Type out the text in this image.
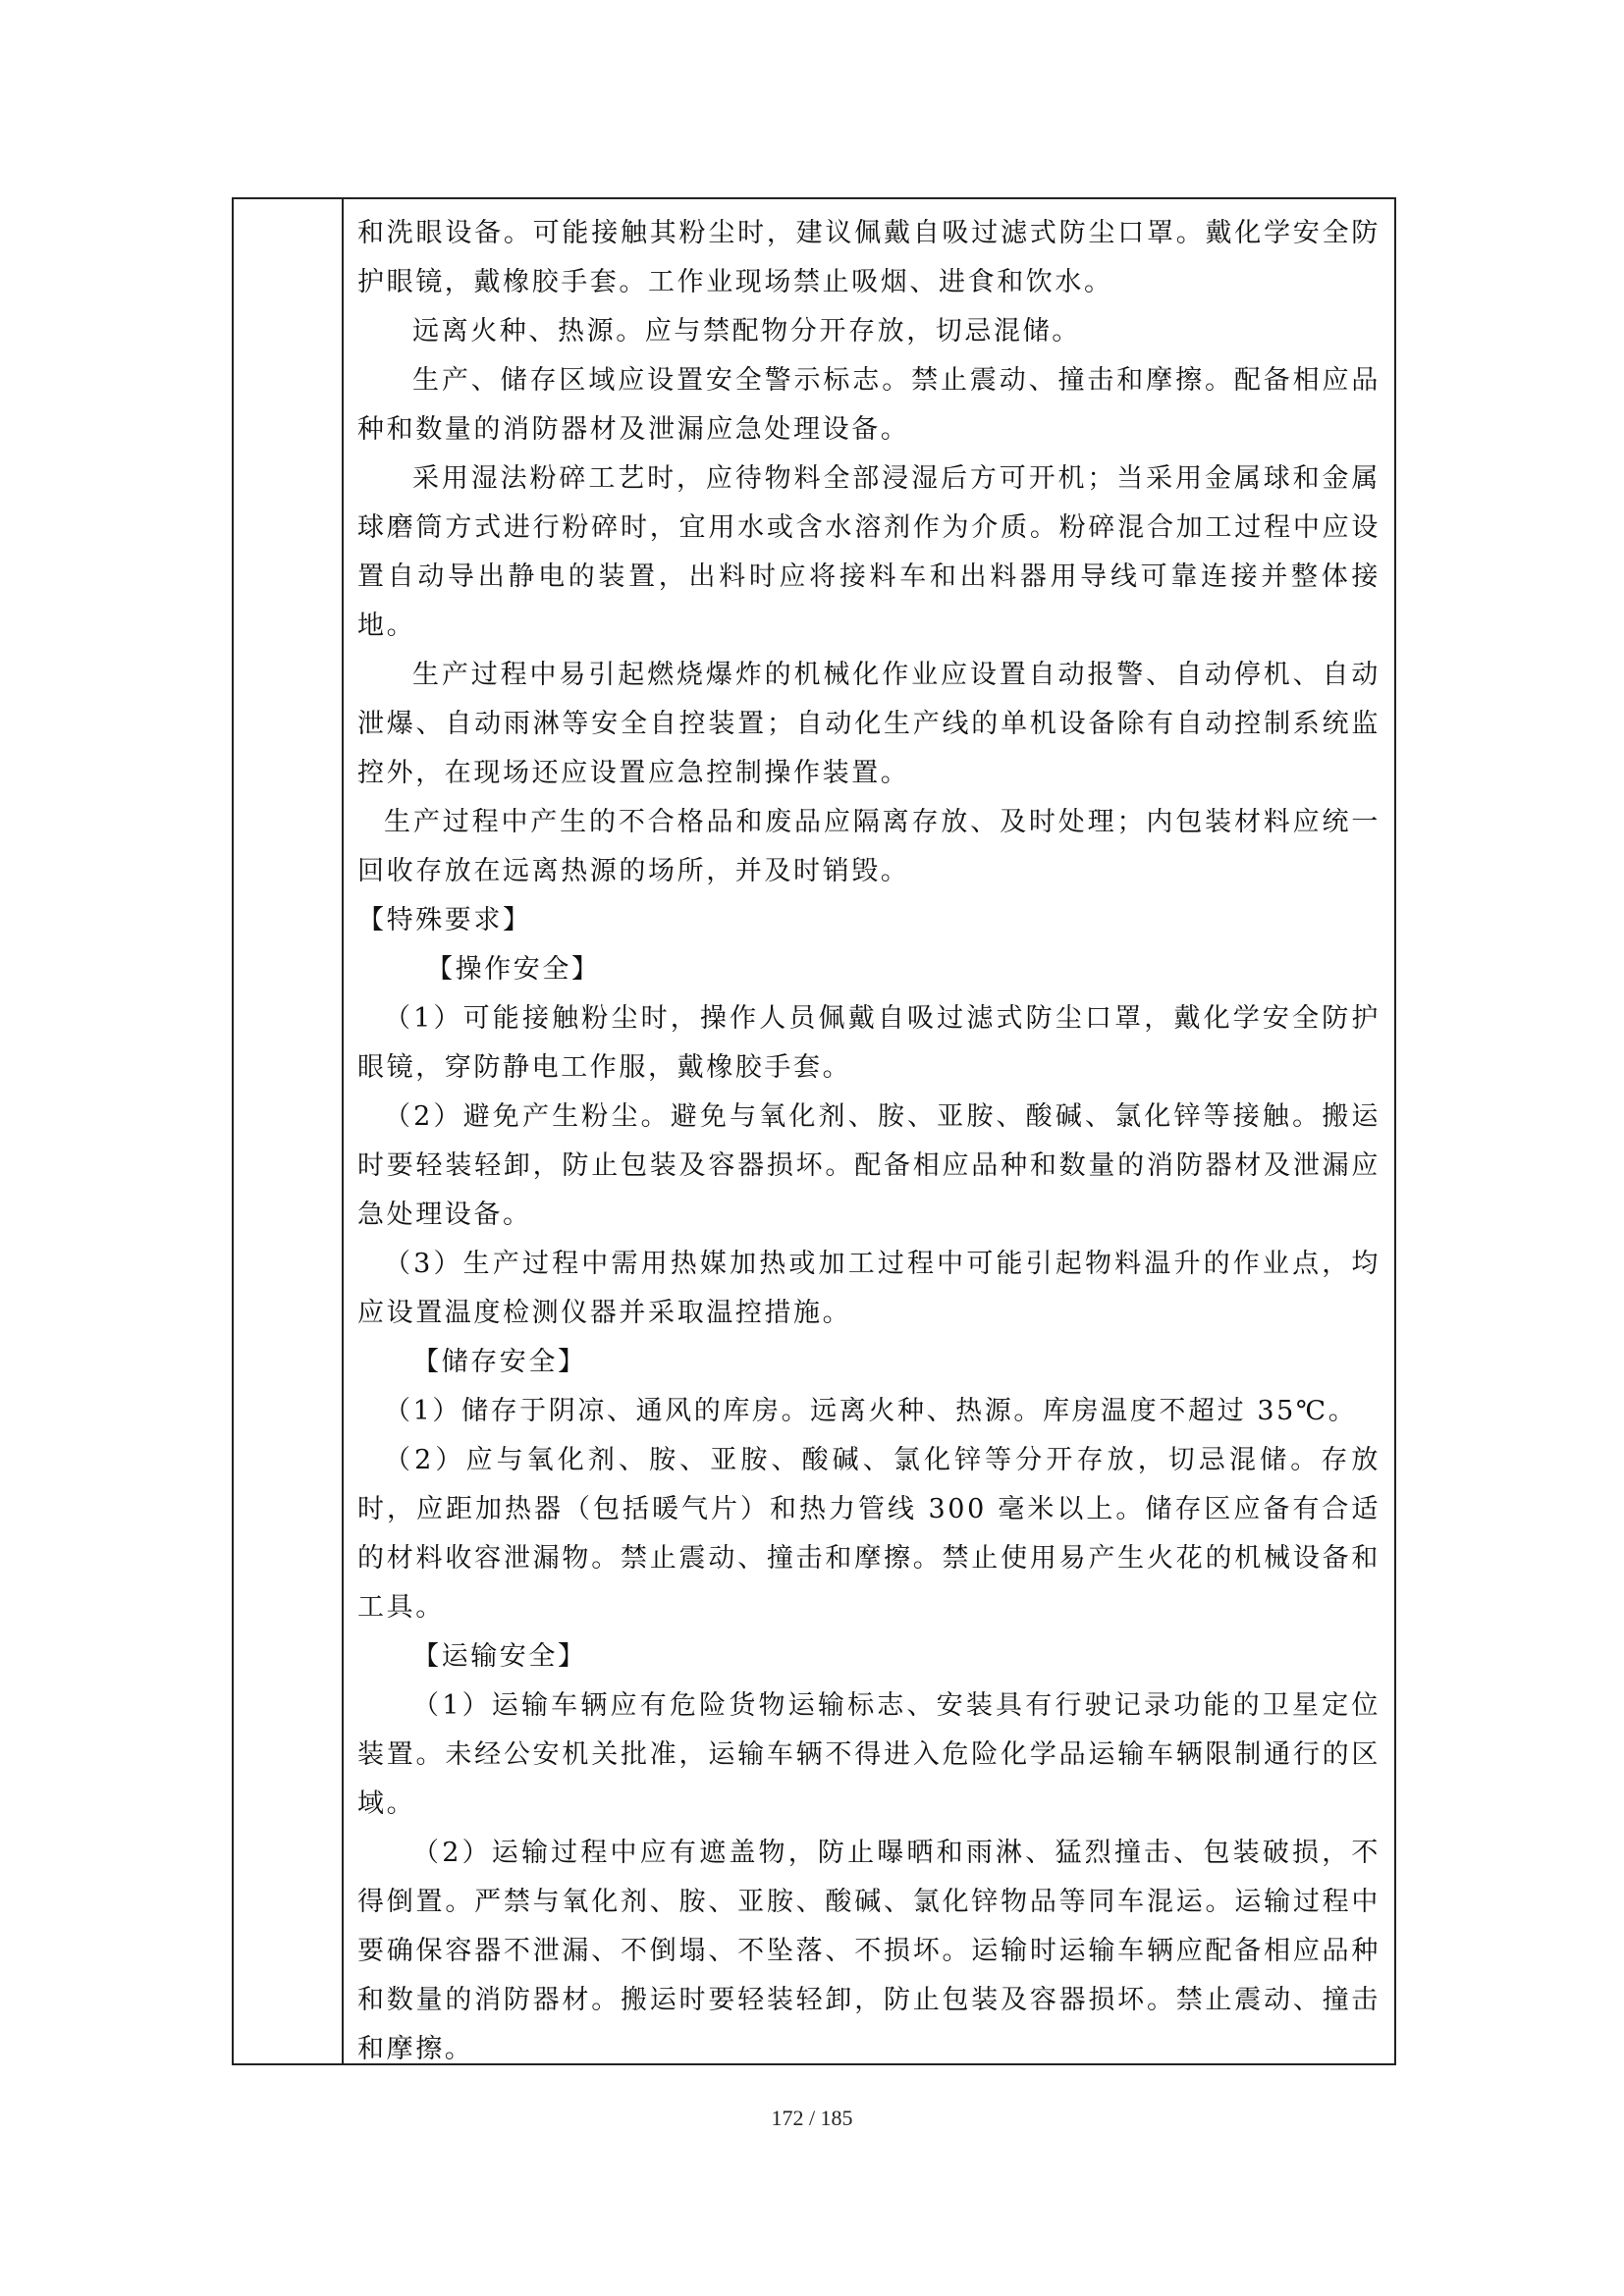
和洗眼设备。可能接触其粉尘时，建议佩戴自吸过滤式防尘口罩。戴化学安全防护眼镜，戴橡胶手套。工作业现场禁止吸烟、进食和饮水。

远离火种、热源。应与禁配物分开存放，切忌混储。

生产、储存区域应设置安全警示标志。禁止震动、撞击和摩擦。配备相应品种和数量的消防器材及泄漏应急处理设备。

采用湿法粉碎工艺时，应待物料全部浸湿后方可开机；当采用金属球和金属球磨筒方式进行粉碎时，宜用水或含水溶剂作为介质。粉碎混合加工过程中应设置自动导出静电的装置，出料时应将接料车和出料器用导线可靠连接并整体接地。

生产过程中易引起燃烧爆炸的机械化作业应设置自动报警、自动停机、自动泄爆、自动雨淋等安全自控装置；自动化生产线的单机设备除有自动控制系统监控外，在现场还应设置应急控制操作装置。

生产过程中产生的不合格品和废品应隔离存放、及时处理；内包装材料应统一回收存放在远离热源的场所，并及时销毁。

【特殊要求】

【操作安全】

（1）可能接触粉尘时，操作人员佩戴自吸过滤式防尘口罩，戴化学安全防护眼镜，穿防静电工作服，戴橡胶手套。

（2）避免产生粉尘。避免与氧化剂、胺、亚胺、酸碱、氯化锌等接触。搬运时要轻装轻卸，防止包装及容器损坏。配备相应品种和数量的消防器材及泄漏应急处理设备。

（3）生产过程中需用热媒加热或加工过程中可能引起物料温升的作业点，均应设置温度检测仪器并采取温控措施。

【储存安全】

（1）储存于阴凉、通风的库房。远离火种、热源。库房温度不超过 35℃。

（2）应与氧化剂、胺、亚胺、酸碱、氯化锌等分开存放，切忌混储。存放时，应距加热器（包括暖气片）和热力管线 300 毫米以上。储存区应备有合适的材料收容泄漏物。禁止震动、撞击和摩擦。禁止使用易产生火花的机械设备和工具。

【运输安全】

（1）运输车辆应有危险货物运输标志、安装具有行驶记录功能的卫星定位装置。未经公安机关批准，运输车辆不得进入危险化学品运输车辆限制通行的区域。

（2）运输过程中应有遮盖物，防止曝晒和雨淋、猛烈撞击、包装破损，不得倒置。严禁与氧化剂、胺、亚胺、酸碱、氯化锌物品等同车混运。运输过程中要确保容器不泄漏、不倒塌、不坠落、不损坏。运输时运输车辆应配备相应品种和数量的消防器材。搬运时要轻装轻卸，防止包装及容器损坏。禁止震动、撞击和摩擦。

172 / 185
